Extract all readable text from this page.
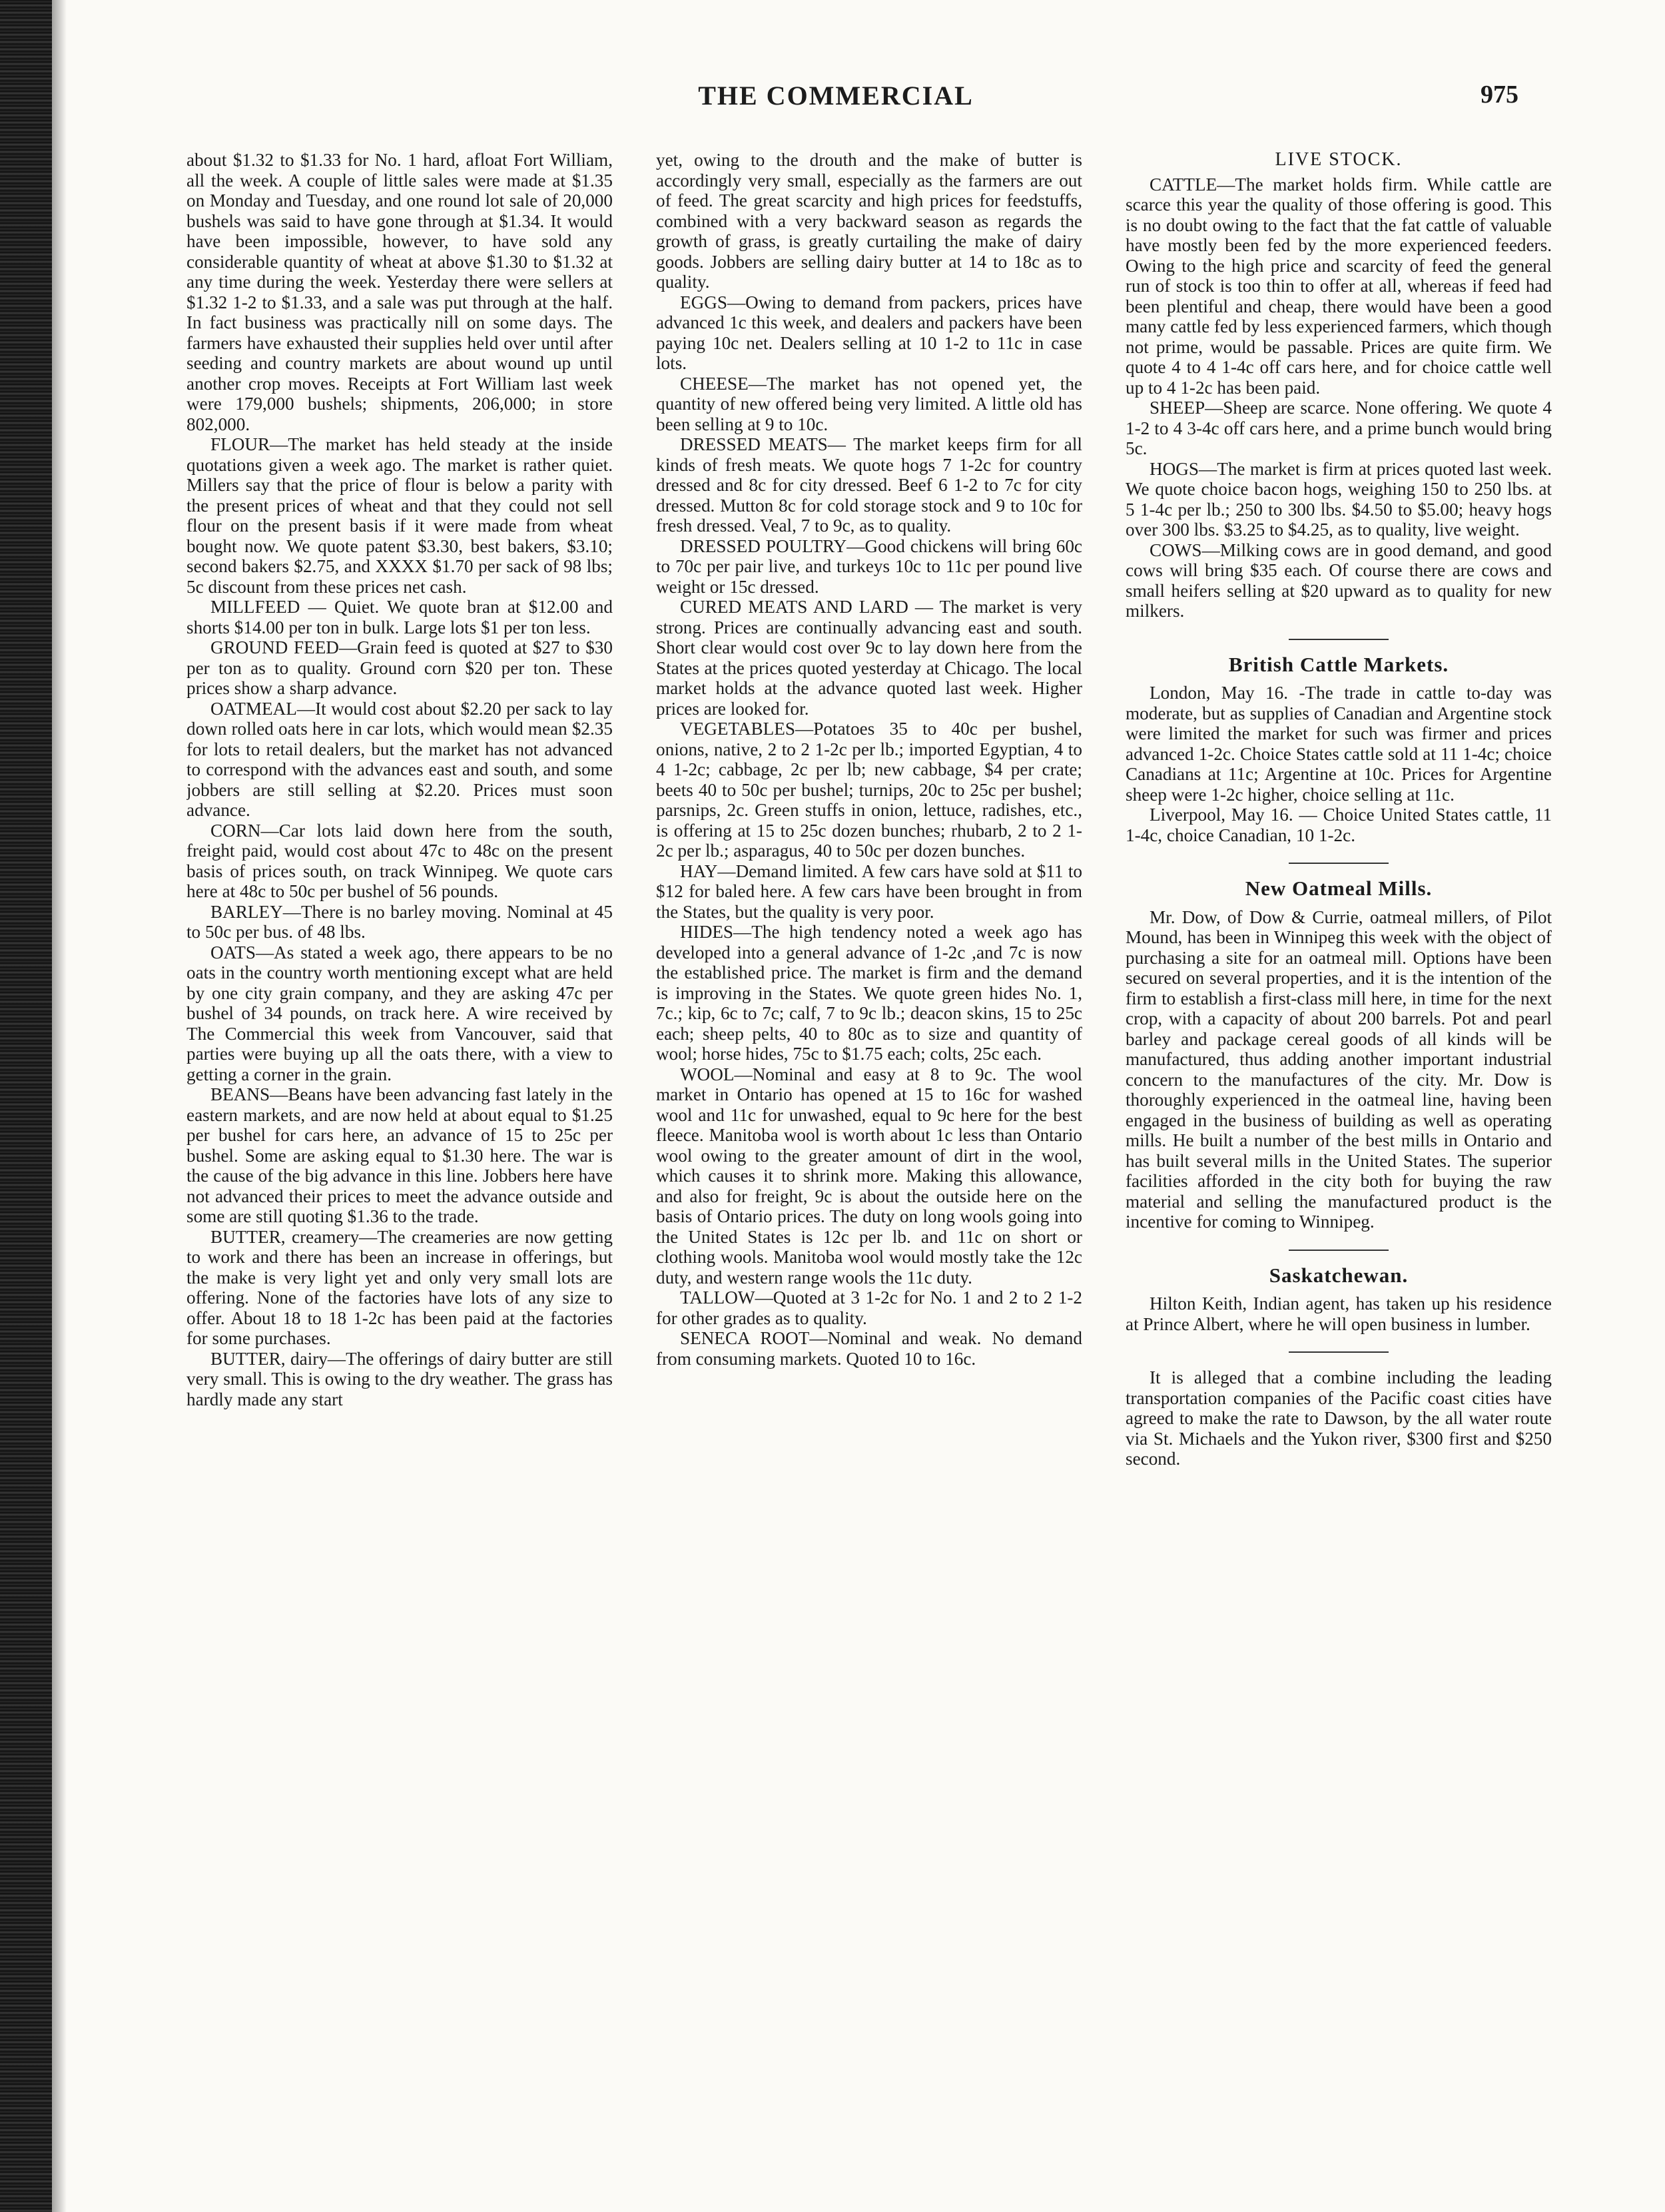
THE COMMERCIAL	975

about $1.32 to $1.33 for No. 1 hard, afloat Fort William, all the week. A couple of little sales were made at $1.35 on Monday and Tuesday, and one round lot sale of 20,000 bushels was said to have gone through at $1.34. It would have been impossible, however, to have sold any considerable quantity of wheat at above $1.30 to $1.32 at any time during the week. Yesterday there were sellers at $1.32 1-2 to $1.33, and a sale was put through at the half. In fact business was practically nill on some days. The farmers have exhausted their supplies held over until after seeding and country markets are about wound up until another crop moves. Receipts at Fort William last week were 179,000 bushels; shipments, 206,000; in store 802,000.

FLOUR—The market has held steady at the inside quotations given a week ago. The market is rather quiet. Millers say that the price of flour is below a parity with the present prices of wheat and that they could not sell flour on the present basis if it were made from wheat bought now. We quote patent $3.30, best bakers, $3.10; second bakers $2.75, and XXXX $1.70 per sack of 98 lbs; 5c discount from these prices net cash.

MILLFEED — Quiet. We quote bran at $12.00 and shorts $14.00 per ton in bulk. Large lots $1 per ton less.

GROUND FEED—Grain feed is quoted at $27 to $30 per ton as to quality. Ground corn $20 per ton. These prices show a sharp advance.

OATMEAL—It would cost about $2.20 per sack to lay down rolled oats here in car lots, which would mean $2.35 for lots to retail dealers, but the market has not advanced to correspond with the advances east and south, and some jobbers are still selling at $2.20. Prices must soon advance.

CORN—Car lots laid down here from the south, freight paid, would cost about 47c to 48c on the present basis of prices south, on track Winnipeg. We quote cars here at 48c to 50c per bushel of 56 pounds.

BARLEY—There is no barley moving. Nominal at 45 to 50c per bus. of 48 lbs.

OATS—As stated a week ago, there appears to be no oats in the country worth mentioning except what are held by one city grain company, and they are asking 47c per bushel of 34 pounds, on track here. A wire received by The Commercial this week from Vancouver, said that parties were buying up all the oats there, with a view to getting a corner in the grain.

BEANS—Beans have been advancing fast lately in the eastern markets, and are now held at about equal to $1.25 per bushel for cars here, an advance of 15 to 25c per bushel. Some are asking equal to $1.30 here. The war is the cause of the big advance in this line. Jobbers here have not advanced their prices to meet the advance outside and some are still quoting $1.36 to the trade.

BUTTER, creamery—The creameries are now getting to work and there has been an increase in offerings, but the make is very light yet and only very small lots are offering. None of the factories have lots of any size to offer. About 18 to 18 1-2c has been paid at the factories for some purchases.

BUTTER, dairy—The offerings of dairy butter are still very small. This is owing to the dry weather. The grass has hardly made any start

yet, owing to the drouth and the make of butter is accordingly very small, especially as the farmers are out of feed. The great scarcity and high prices for feedstuffs, combined with a very backward season as regards the growth of grass, is greatly curtailing the make of dairy goods. Jobbers are selling dairy butter at 14 to 18c as to quality.

EGGS—Owing to demand from packers, prices have advanced 1c this week, and dealers and packers have been paying 10c net. Dealers selling at 10 1-2 to 11c in case lots.

CHEESE—The market has not opened yet, the quantity of new offered being very limited. A little old has been selling at 9 to 10c.

DRESSED MEATS— The market keeps firm for all kinds of fresh meats. We quote hogs 7 1-2c for country dressed and 8c for city dressed. Beef 6 1-2 to 7c for city dressed. Mutton 8c for cold storage stock and 9 to 10c for fresh dressed. Veal, 7 to 9c, as to quality.

DRESSED POULTRY—Good chickens will bring 60c to 70c per pair live, and turkeys 10c to 11c per pound live weight or 15c dressed.

CURED MEATS AND LARD — The market is very strong. Prices are continually advancing east and south. Short clear would cost over 9c to lay down here from the States at the prices quoted yesterday at Chicago. The local market holds at the advance quoted last week. Higher prices are looked for.

VEGETABLES—Potatoes 35 to 40c per bushel, onions, native, 2 to 2 1-2c per lb.; imported Egyptian, 4 to 4 1-2c; cabbage, 2c per lb; new cabbage, $4 per crate; beets 40 to 50c per bushel; turnips, 20c to 25c per bushel; parsnips, 2c. Green stuffs in onion, lettuce, radishes, etc., is offering at 15 to 25c dozen bunches; rhubarb, 2 to 2 1-2c per lb.; asparagus, 40 to 50c per dozen bunches.

HAY—Demand limited. A few cars have sold at $11 to $12 for baled here. A few cars have been brought in from the States, but the quality is very poor.

HIDES—The high tendency noted a week ago has developed into a general advance of 1-2c ,and 7c is now the established price. The market is firm and the demand is improving in the States. We quote green hides No. 1, 7c.; kip, 6c to 7c; calf, 7 to 9c lb.; deacon skins, 15 to 25c each; sheep pelts, 40 to 80c as to size and quantity of wool; horse hides, 75c to $1.75 each; colts, 25c each.

WOOL—Nominal and easy at 8 to 9c. The wool market in Ontario has opened at 15 to 16c for washed wool and 11c for unwashed, equal to 9c here for the best fleece. Manitoba wool is worth about 1c less than Ontario wool owing to the greater amount of dirt in the wool, which causes it to shrink more. Making this allowance, and also for freight, 9c is about the outside here on the basis of Ontario prices. The duty on long wools going into the United States is 12c per lb. and 11c on short or clothing wools. Manitoba wool would mostly take the 12c duty, and western range wools the 11c duty.

TALLOW—Quoted at 3 1-2c for No. 1 and 2 to 2 1-2 for other grades as to quality.

SENECA ROOT—Nominal and weak. No demand from consuming markets. Quoted 10 to 16c.

LIVE STOCK.

CATTLE—The market holds firm. While cattle are scarce this year the quality of those offering is good. This is no doubt owing to the fact that the fat cattle of valuable have mostly been fed by the more experienced feeders. Owing to the high price and scarcity of feed the general run of stock is too thin to offer at all, whereas if feed had been plentiful and cheap, there would have been a good many cattle fed by less experienced farmers, which though not prime, would be passable. Prices are quite firm. We quote 4 to 4 1-4c off cars here, and for choice cattle well up to 4 1-2c has been paid.

SHEEP—Sheep are scarce. None offering. We quote 4 1-2 to 4 3-4c off cars here, and a prime bunch would bring 5c.

HOGS—The market is firm at prices quoted last week. We quote choice bacon hogs, weighing 150 to 250 lbs. at 5 1-4c per lb.; 250 to 300 lbs. $4.50 to $5.00; heavy hogs over 300 lbs. $3.25 to $4.25, as to quality, live weight.

COWS—Milking cows are in good demand, and good cows will bring $35 each. Of course there are cows and small heifers selling at $20 upward as to quality for new milkers.

British Cattle Markets.

London, May 16. -The trade in cattle to-day was moderate, but as supplies of Canadian and Argentine stock were limited the market for such was firmer and prices advanced 1-2c. Choice States cattle sold at 11 1-4c; choice Canadians at 11c; Argentine at 10c. Prices for Argentine sheep were 1-2c higher, choice selling at 11c.

Liverpool, May 16. — Choice United States cattle, 11 1-4c, choice Canadian, 10 1-2c.

New Oatmeal Mills.

Mr. Dow, of Dow & Currie, oatmeal millers, of Pilot Mound, has been in Winnipeg this week with the object of purchasing a site for an oatmeal mill. Options have been secured on several properties, and it is the intention of the firm to establish a first-class mill here, in time for the next crop, with a capacity of about 200 barrels. Pot and pearl barley and package cereal goods of all kinds will be manufactured, thus adding another important industrial concern to the manufactures of the city. Mr. Dow is thoroughly experienced in the oatmeal line, having been engaged in the business of building as well as operating mills. He built a number of the best mills in Ontario and has built several mills in the United States. The superior facilities afforded in the city both for buying the raw material and selling the manufactured product is the incentive for coming to Winnipeg.

Saskatchewan.

Hilton Keith, Indian agent, has taken up his residence at Prince Albert, where he will open business in lumber.

It is alleged that a combine including the leading transportation companies of the Pacific coast cities have agreed to make the rate to Dawson, by the all water route via St. Michaels and the Yukon river, $300 first and $250 second.
